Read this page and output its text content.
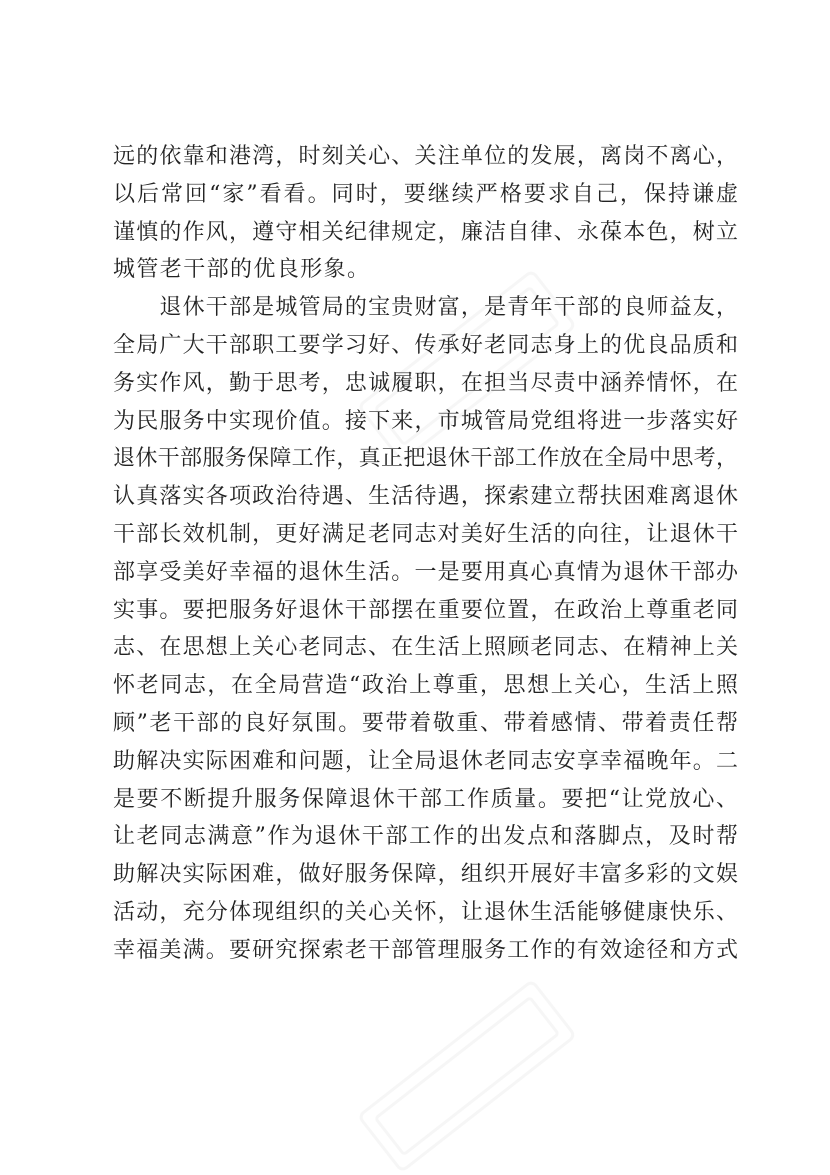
远的依靠和港湾，时刻关心、关注单位的发展，离岗不离心，
以后常回“家”看看。同时，要继续严格要求自己，保持谦虚
谨慎的作风，遵守相关纪律规定，廉洁自律、永葆本色，树立
城管老干部的优良形象。
　　退休干部是城管局的宝贵财富，是青年干部的良师益友，
全局广大干部职工要学习好、传承好老同志身上的优良品质和
务实作风，勤于思考，忠诚履职，在担当尽责中涵养情怀，在
为民服务中实现价值。接下来，市城管局党组将进一步落实好
退休干部服务保障工作，真正把退休干部工作放在全局中思考，
认真落实各项政治待遇、生活待遇，探索建立帮扶困难离退休
干部长效机制，更好满足老同志对美好生活的向往，让退休干
部享受美好幸福的退休生活。一是要用真心真情为退休干部办
实事。要把服务好退休干部摆在重要位置，在政治上尊重老同
志、在思想上关心老同志、在生活上照顾老同志、在精神上关
怀老同志，在全局营造“政治上尊重，思想上关心，生活上照
顾”老干部的良好氛围。要带着敬重、带着感情、带着责任帮
助解决实际困难和问题，让全局退休老同志安享幸福晚年。二
是要不断提升服务保障退休干部工作质量。要把“让党放心、
让老同志满意”作为退休干部工作的出发点和落脚点，及时帮
助解决实际困难，做好服务保障，组织开展好丰富多彩的文娱
活动，充分体现组织的关心关怀，让退休生活能够健康快乐、
幸福美满。要研究探索老干部管理服务工作的有效途径和方式
